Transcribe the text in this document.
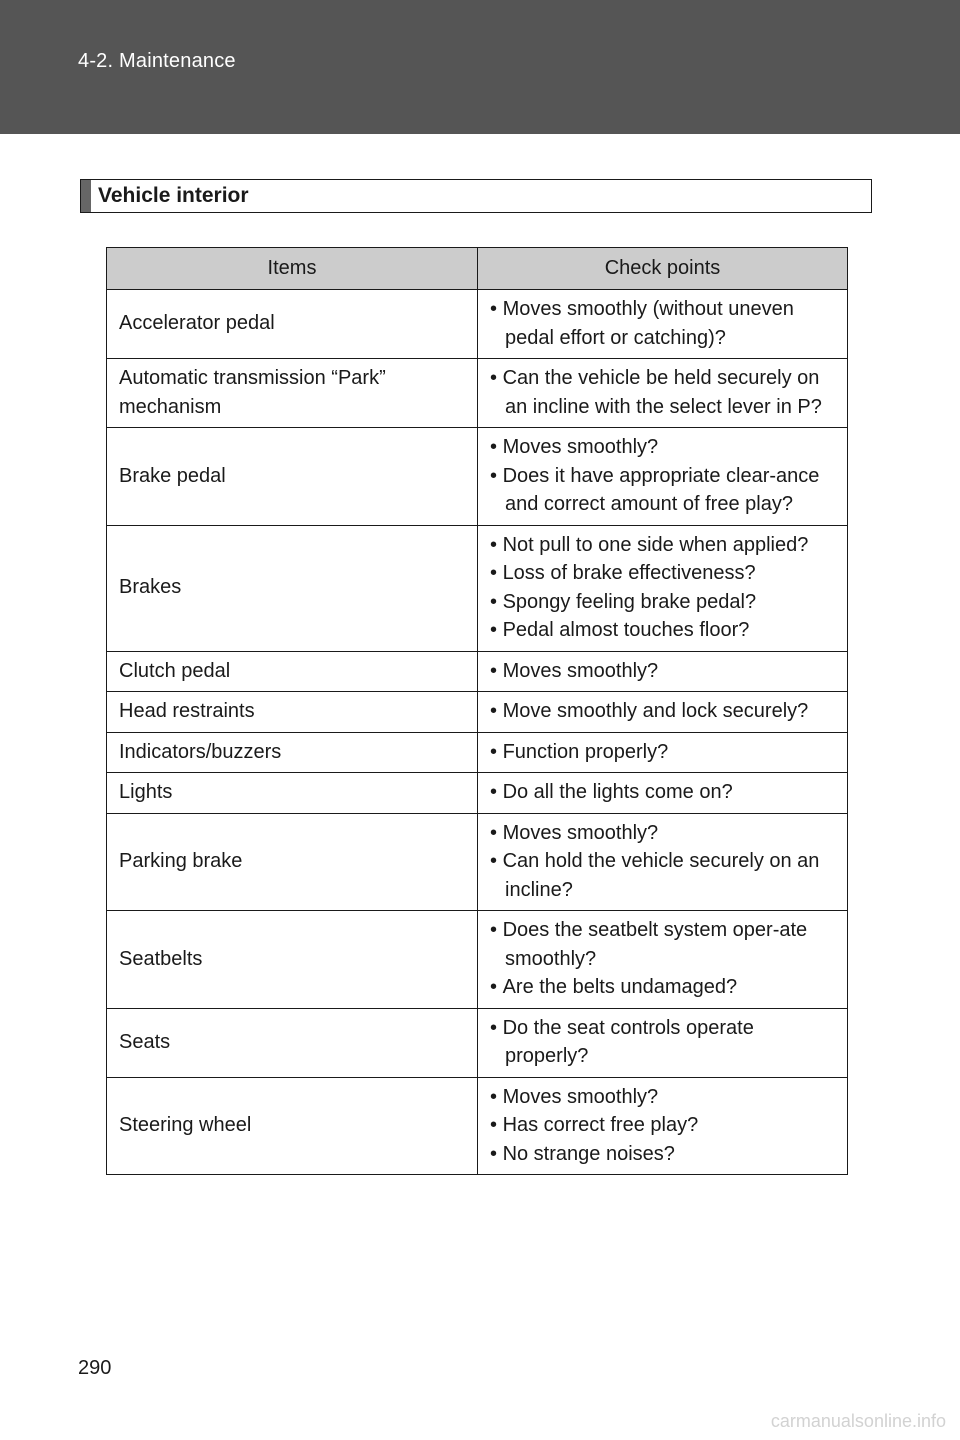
4-2. Maintenance
Vehicle interior
Items	Check points
Accelerator pedal	• Moves smoothly (without uneven pedal effort or catching)?

Automatic transmission “Park” mechanism	• Can the vehicle be held securely on an incline with the select lever in P?

Brake pedal	• Moves smoothly?
• Does it have appropriate clear-ance and correct amount of free play?

Brakes	• Not pull to one side when applied?
• Loss of brake effectiveness?
• Spongy feeling brake pedal?
• Pedal almost touches floor?

Clutch pedal	• Moves smoothly?

Head restraints	• Move smoothly and lock securely?

Indicators/buzzers	• Function properly?

Lights	• Do all the lights come on?

Parking brake	• Moves smoothly?
• Can hold the vehicle securely on an incline?

Seatbelts	• Does the seatbelt system oper-ate smoothly?
• Are the belts undamaged?

Seats	• Do the seat controls operate properly?

Steering wheel	• Moves smoothly?
• Has correct free play?
• No strange noises?
290
carmanualsonline.info
